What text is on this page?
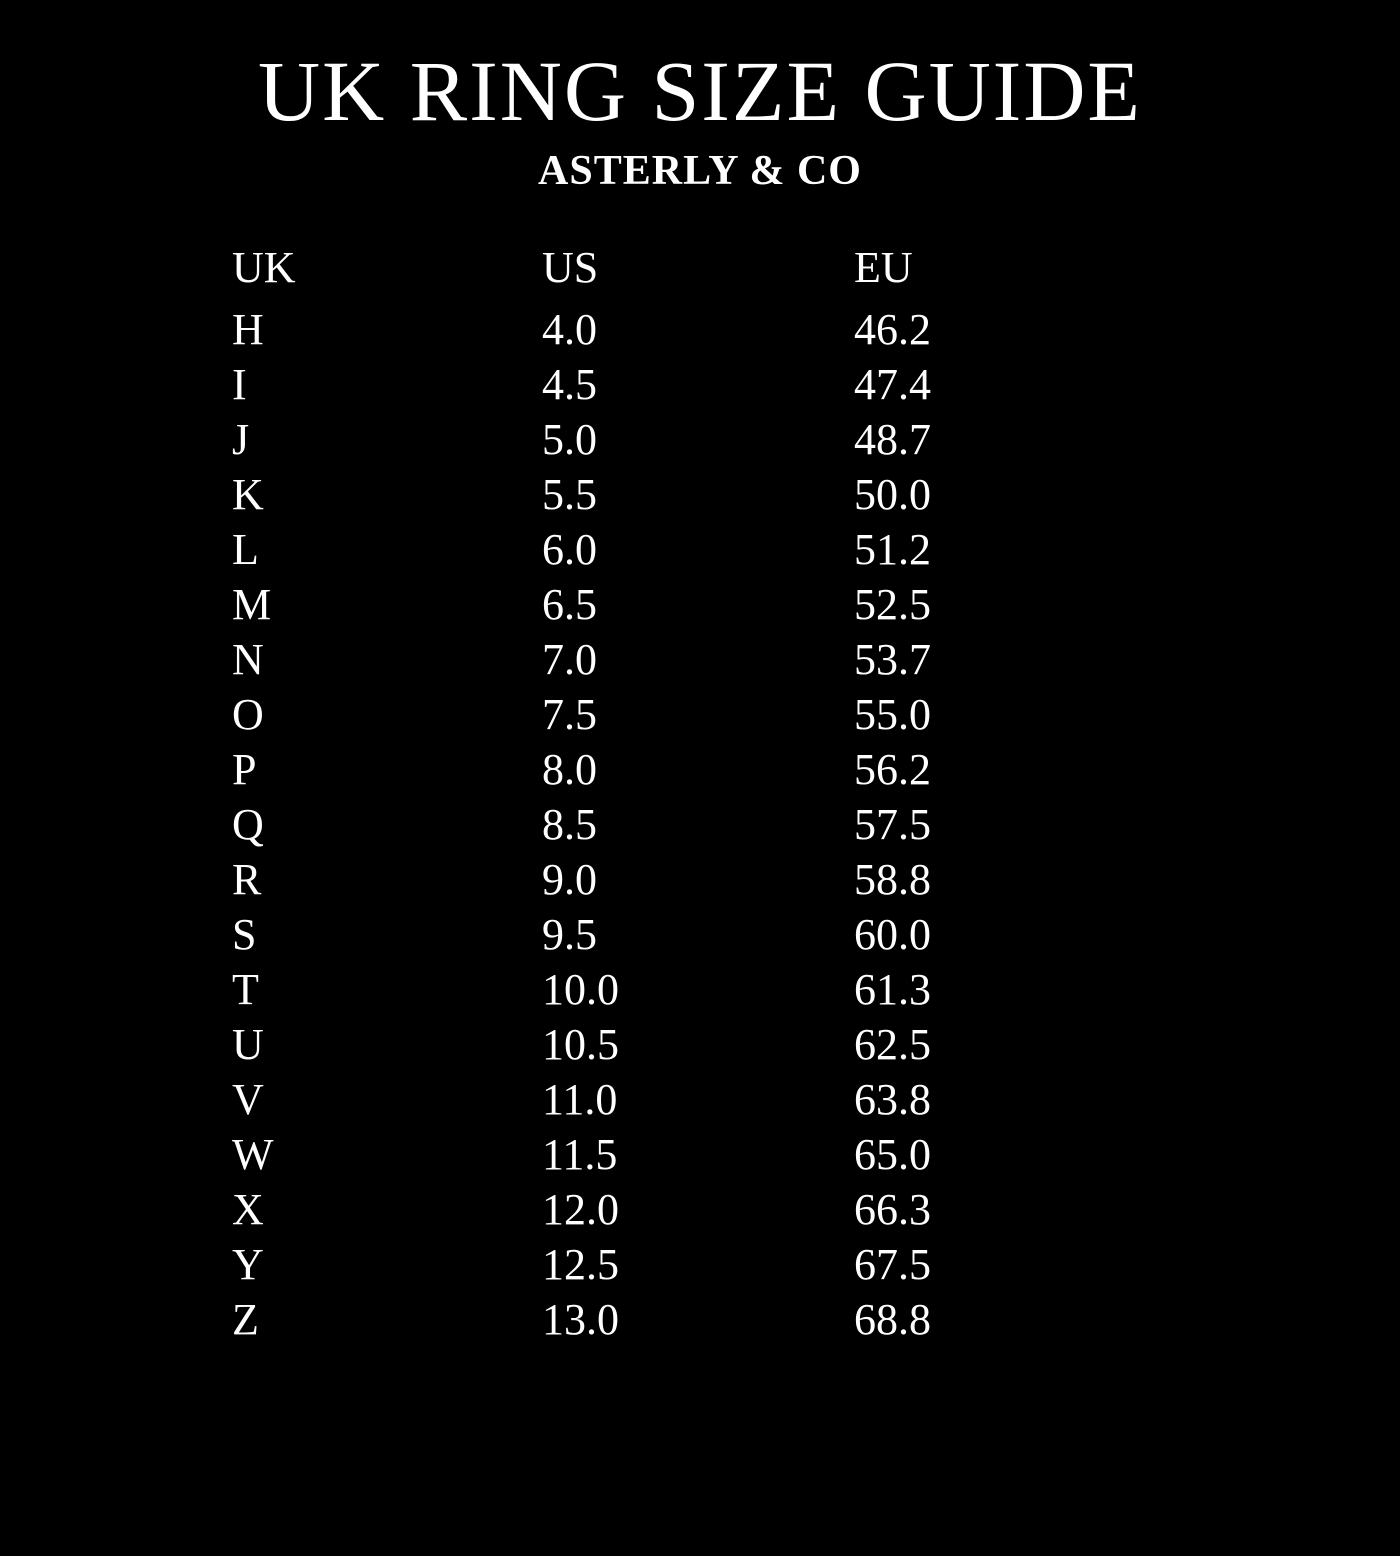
UK RING SIZE GUIDE
ASTERLY & CO
UK	US	EU
H	4.0	46.2
I	4.5	47.4
J	5.0	48.7
K	5.5	50.0
L	6.0	51.2
M	6.5	52.5
N	7.0	53.7
O	7.5	55.0
P	8.0	56.2
Q	8.5	57.5
R	9.0	58.8
S	9.5	60.0
T	10.0	61.3
U	10.5	62.5
V	11.0	63.8
W	11.5	65.0
X	12.0	66.3
Y	12.5	67.5
Z	13.0	68.8
